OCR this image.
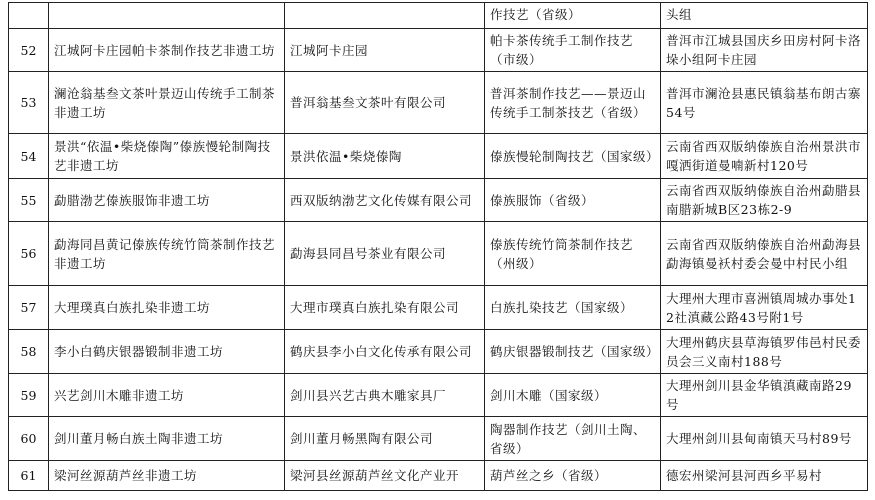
			作技艺（省级）	头组
52	江城阿卡庄园帕卡茶制作技艺非遗工坊	江城阿卡庄园	帕卡茶传统手工制作技艺（市级）	普洱市江城县国庆乡田房村阿卡洛垛小组阿卡庄园
53	澜沧翁基叁文茶叶景迈山传统手工制茶非遗工坊	普洱翁基叁文茶叶有限公司	普洱茶制作技艺——景迈山传统手工制茶技艺（省级）	普洱市澜沧县惠民镇翁基布朗古寨54号
54	景洪“依温•柴烧傣陶”傣族慢轮制陶技艺非遗工坊	景洪依温•柴烧傣陶	傣族慢轮制陶技艺（国家级）	云南省西双版纳傣族自治州景洪市嘎洒街道曼喃新村120号
55	勐腊渤艺傣族服饰非遗工坊	西双版纳渤艺文化传媒有限公司	傣族服饰（省级）	云南省西双版纳傣族自治州勐腊县南腊新城B区23栋2-9
56	勐海同昌黄记傣族传统竹筒茶制作技艺非遗工坊	勐海县同昌号茶业有限公司	傣族传统竹筒茶制作技艺（州级）	云南省西双版纳傣族自治州勐海县勐海镇曼袄村委会曼中村民小组
57	大理璞真白族扎染非遗工坊	大理市璞真白族扎染有限公司	白族扎染技艺（国家级）	大理州大理市喜洲镇周城办事处12社滇藏公路43号附1号
58	李小白鹤庆银器锻制非遗工坊	鹤庆县李小白文化传承有限公司	鹤庆银器锻制技艺（国家级）	大理州鹤庆县草海镇罗伟邑村民委员会三义南村188号
59	兴艺剑川木雕非遗工坊	剑川县兴艺古典木雕家具厂	剑川木雕（国家级）	大理州剑川县金华镇滇藏南路29号
60	剑川董月畅白族土陶非遗工坊	剑川董月畅黑陶有限公司	陶器制作技艺（剑川土陶、省级）	大理州剑川县甸南镇天马村89号
61	梁河丝源葫芦丝非遗工坊	梁河县丝源葫芦丝文化产业开	葫芦丝之乡（省级）	德宏州梁河县河西乡平易村
